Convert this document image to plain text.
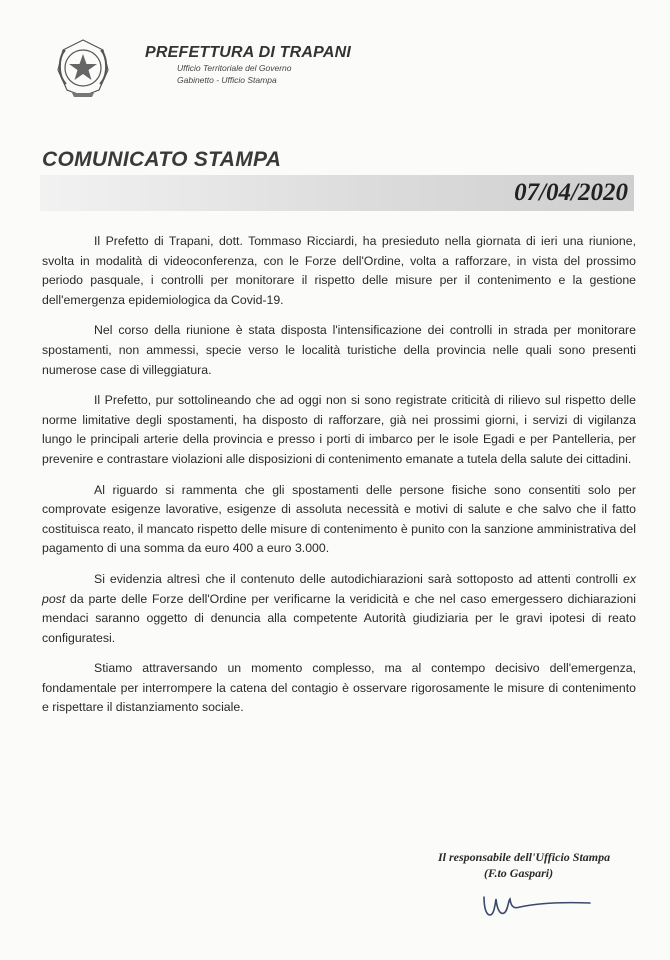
PREFETTURA DI TRAPANI
Ufficio Territoriale del Governo
Gabinetto - Ufficio Stampa
COMUNICATO STAMPA
07/04/2020

Il Prefetto di Trapani, dott. Tommaso Ricciardi, ha presieduto nella giornata di ieri una riunione, svolta in modalità di videoconferenza, con le Forze dell'Ordine, volta a rafforzare, in vista del prossimo periodo pasquale, i controlli per monitorare il rispetto delle misure per il contenimento e la gestione dell'emergenza epidemiologica da Covid-19.

Nel corso della riunione è stata disposta l'intensificazione dei controlli in strada per monitorare spostamenti, non ammessi, specie verso le località turistiche della provincia nelle quali sono presenti numerose case di villeggiatura.

Il Prefetto, pur sottolineando che ad oggi non si sono registrate criticità di rilievo sul rispetto delle norme limitative degli spostamenti, ha disposto di rafforzare, già nei prossimi giorni, i servizi di vigilanza lungo le principali arterie della provincia e presso i porti di imbarco per le isole Egadi e per Pantelleria, per prevenire e contrastare violazioni alle disposizioni di contenimento emanate a tutela della salute dei cittadini.

Al riguardo si rammenta che gli spostamenti delle persone fisiche sono consentiti solo per comprovate esigenze lavorative, esigenze di assoluta necessità e motivi di salute e che salvo che il fatto costituisca reato, il mancato rispetto delle misure di contenimento è punito con la sanzione amministrativa del pagamento di una somma da euro 400 a euro 3.000.

Si evidenzia altresì che il contenuto delle autodichiarazioni sarà sottoposto ad attenti controlli ex post da parte delle Forze dell'Ordine per verificarne la veridicità e che nel caso emergessero dichiarazioni mendaci saranno oggetto di denuncia alla competente Autorità giudiziaria per le gravi ipotesi di reato configuratesi.

Stiamo attraversando un momento complesso, ma al contempo decisivo dell'emergenza, fondamentale per interrompere la catena del contagio è osservare rigorosamente le misure di contenimento e rispettare il distanziamento sociale.

Il responsabile dell'Ufficio Stampa
(F.to Gaspari)
